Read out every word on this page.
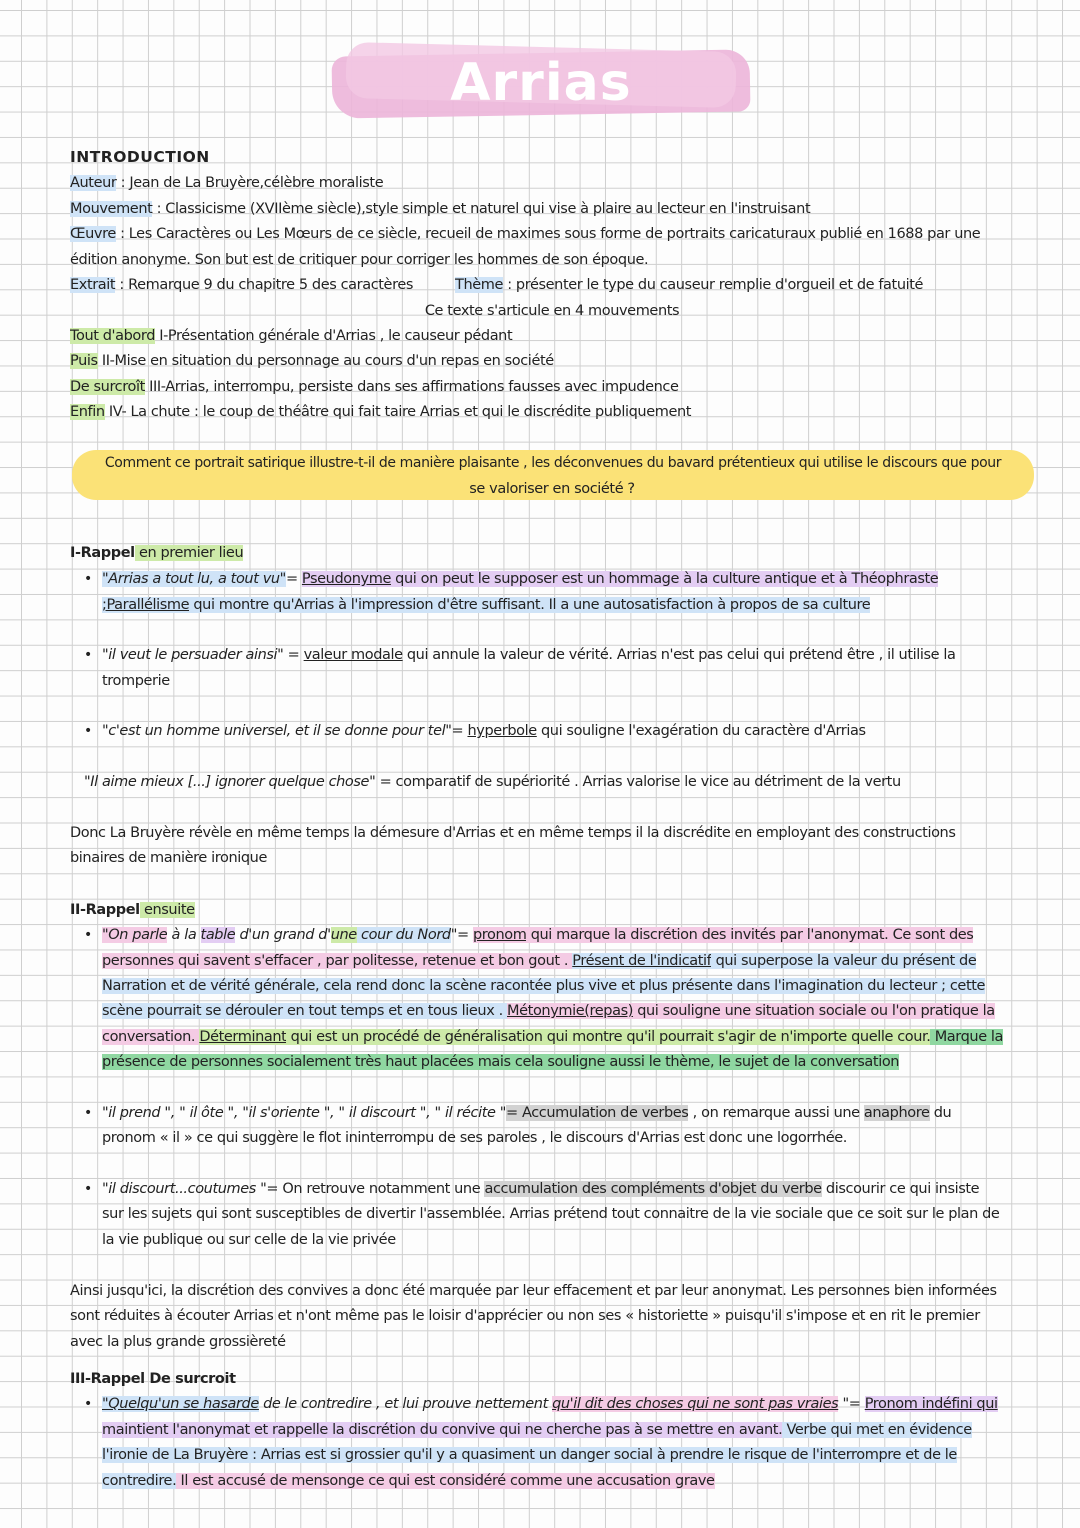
Arrias
INTRODUCTION
Auteur : Jean de La Bruyère,célèbre moraliste
Mouvement : Classicisme (XVIIème siècle),style simple et naturel qui vise à plaire au lecteur en l'instruisant
Œuvre : Les Caractères ou Les Mœurs de ce siècle, recueil de maximes sous forme de portraits caricaturaux publié en 1688 par une
édition anonyme. Son but est de critiquer pour corriger les hommes de son époque.
Extrait : Remarque 9 du chapitre 5 des caractères	Thème : présenter le type du causeur remplie d'orgueil et de fatuité
Ce texte s'articule en 4 mouvements
Tout d'abord I-Présentation générale d'Arrias , le causeur pédant
Puis II-Mise en situation du personnage au cours d'un repas en société
De surcroît III-Arrias, interrompu, persiste dans ses affirmations fausses avec impudence
Enfin IV- La chute : le coup de théâtre qui fait taire Arrias et qui le discrédite publiquement
Comment ce portrait satirique illustre-t-il de manière plaisante , les déconvenues du bavard prétentieux qui utilise le discours que pour
se valoriser en société ?
I-Rappel en premier lieu
• "Arrias a tout lu, a tout vu"= Pseudonyme qui on peut le supposer est un hommage à la culture antique et à Théophraste
;Parallélisme qui montre qu'Arrias à l'impression d'être suffisant. Il a une autosatisfaction à propos de sa culture
• "il veut le persuader ainsi" = valeur modale qui annule la valeur de vérité. Arrias n'est pas celui qui prétend être , il utilise la
tromperie
• "c'est un homme universel, et il se donne pour tel"= hyperbole qui souligne l'exagération du caractère d'Arrias
"Il aime mieux [...] ignorer quelque chose" = comparatif de supériorité . Arrias valorise le vice au détriment de la vertu
Donc La Bruyère révèle en même temps la démesure d'Arrias et en même temps il la discrédite en employant des constructions
binaires de manière ironique
II-Rappel ensuite
• "On parle à la table d'un grand d'une cour du Nord"= pronom qui marque la discrétion des invités par l'anonymat. Ce sont des
personnes qui savent s'effacer , par politesse, retenue et bon gout . Présent de l'indicatif qui superpose la valeur du présent de
Narration et de vérité générale, cela rend donc la scène racontée plus vive et plus présente dans l'imagination du lecteur ; cette
scène pourrait se dérouler en tout temps et en tous lieux . Métonymie(repas) qui souligne une situation sociale ou l'on pratique la
conversation. Déterminant qui est un procédé de généralisation qui montre qu'il pourrait s'agir de n'importe quelle cour. Marque la
présence de personnes socialement très haut placées mais cela souligne aussi le thème, le sujet de la conversation
• "il prend ", " il ôte ", "il s'oriente ", " il discourt ", " il récite "= Accumulation de verbes , on remarque aussi une anaphore du
pronom « il » ce qui suggère le flot ininterrompu de ses paroles , le discours d'Arrias est donc une logorrhée.
• "il discourt...coutumes "= On retrouve notamment une accumulation des compléments d'objet du verbe discourir ce qui insiste
sur les sujets qui sont susceptibles de divertir l'assemblée. Arrias prétend tout connaitre de la vie sociale que ce soit sur le plan de
la vie publique ou sur celle de la vie privée
Ainsi jusqu'ici, la discrétion des convives a donc été marquée par leur effacement et par leur anonymat. Les personnes bien informées
sont réduites à écouter Arrias et n'ont même pas le loisir d'apprécier ou non ses « historiette » puisqu'il s'impose et en rit le premier
avec la plus grande grossièreté
III-Rappel De surcroit
• "Quelqu'un se hasarde de le contredire , et lui prouve nettement qu'il dit des choses qui ne sont pas vraies "= Pronom indéfini qui
maintient l'anonymat et rappelle la discrétion du convive qui ne cherche pas à se mettre en avant. Verbe qui met en évidence
l'ironie de La Bruyère : Arrias est si grossier qu'il y a quasiment un danger social à prendre le risque de l'interrompre et de le
contredire. Il est accusé de mensonge ce qui est considéré comme une accusation grave
